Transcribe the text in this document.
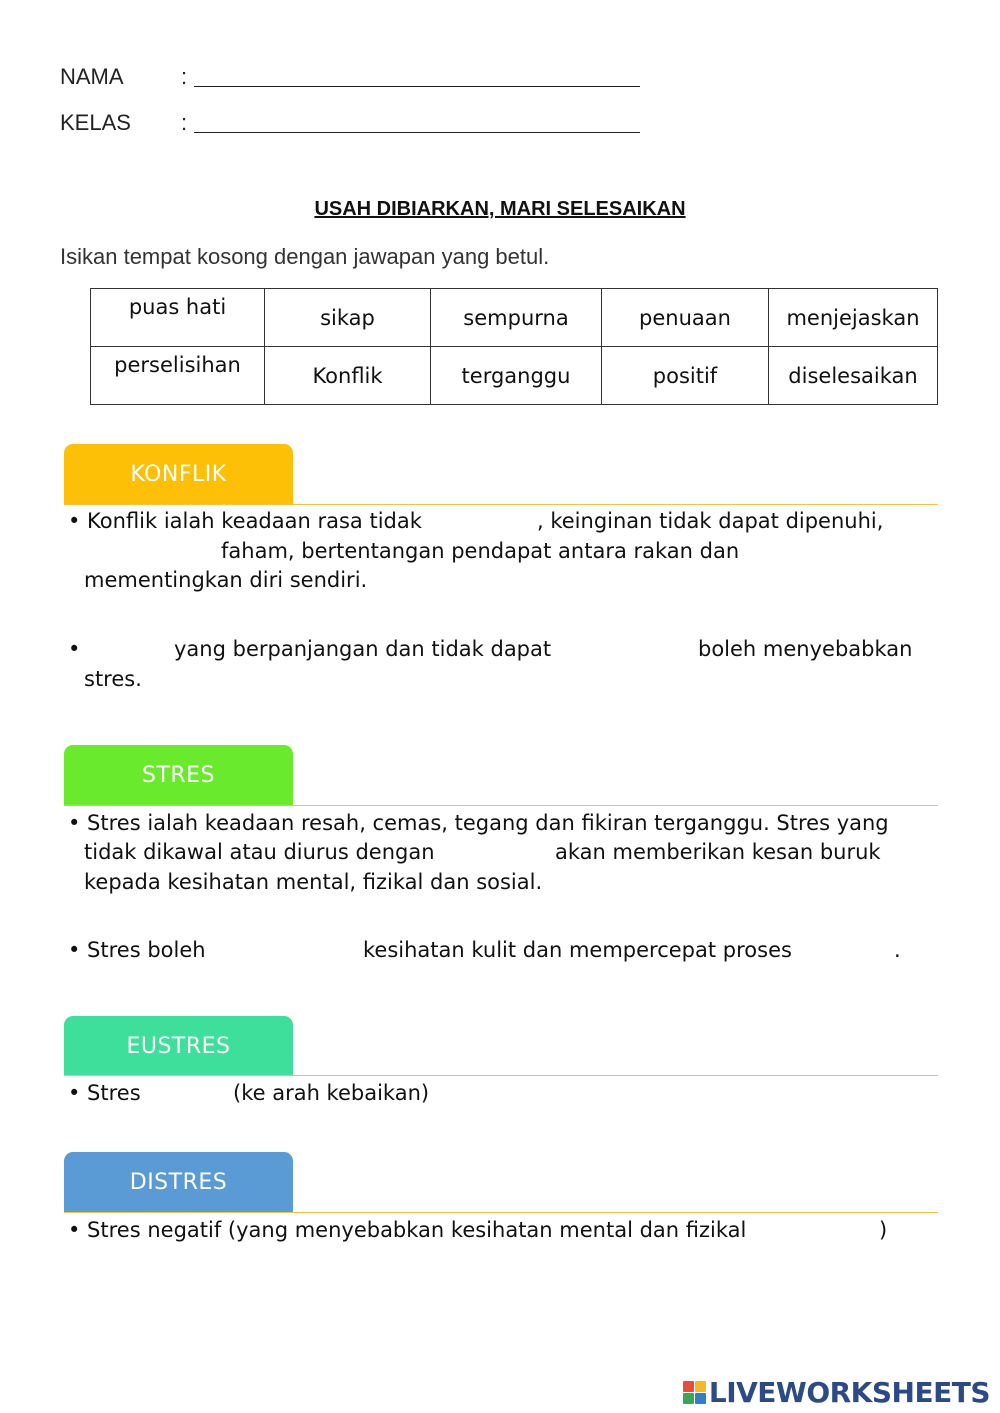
NAMA	:
KELAS :
USAH DIBIARKAN, MARI SELESAIKAN
Isikan tempat kosong dengan jawapan yang betul.
puas hati	sikap	sempurna	penuaan	menjejaskan
perselisihan	Konflik	terganggu	positif	diselesaikan
KONFLIK
• Konflik ialah keadaan rasa tidak	, keinginan tidak dapat dipenuhi,
faham, bertentangan pendapat antara rakan dan
mementingkan diri sendiri.
•	yang berpanjangan dan tidak dapat	boleh menyebabkan
stres.
STRES
• Stres ialah keadaan resah, cemas, tegang dan fikiran terganggu. Stres yang
tidak dikawal atau diurus dengan	akan memberikan kesan buruk
kepada kesihatan mental, fizikal dan sosial.
• Stres boleh	kesihatan kulit dan mempercepat proses	.
EUSTRES
• Stres	(ke arah kebaikan)
DISTRES
• Stres negatif (yang menyebabkan kesihatan mental dan fizikal	)
LIVEWORKSHEETS
